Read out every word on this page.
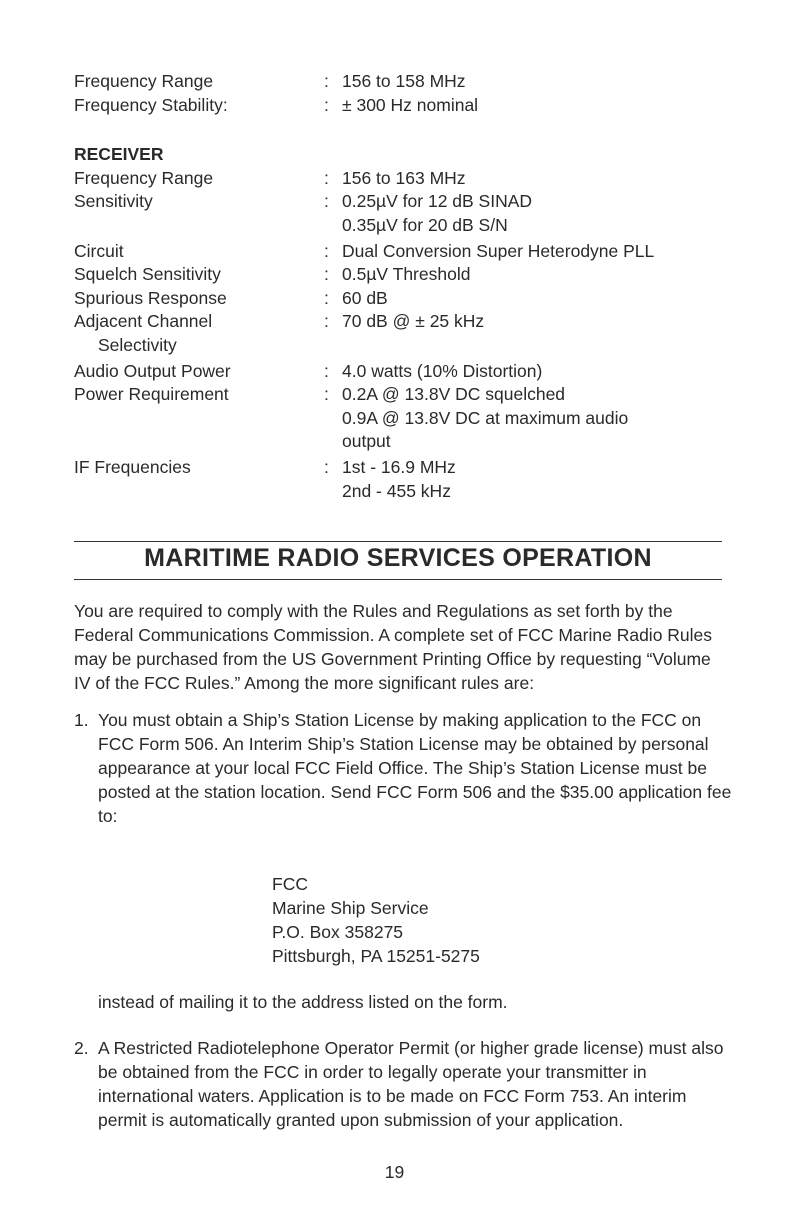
Frequency Range	: 156 to 158 MHz
Frequency Stability:	: ± 300 Hz nominal
RECEIVER
Frequency Range	: 156 to 163 MHz
Sensitivity	: 0.25µV for 12 dB SINAD
0.35µV for 20 dB S/N
Circuit	: Dual Conversion Super Heterodyne PLL
Squelch Sensitivity	: 0.5µV Threshold
Spurious Response	: 60 dB
Adjacent Channel	: 70 dB @ ± 25 kHz
Selectivity
Audio Output Power	: 4.0 watts (10% Distortion)
Power Requirement	: 0.2A @ 13.8V DC squelched
0.9A @ 13.8V DC at maximum audio
output
IF Frequencies	: 1st - 16.9 MHz
2nd - 455 kHz
MARITIME RADIO SERVICES OPERATION
You are required to comply with the Rules and Regulations as set forth by the Federal Communications Commission. A complete set of FCC Marine Radio Rules may be purchased from the US Government Printing Office by requesting “Volume IV of the FCC Rules.” Among the more significant rules are:
1. You must obtain a Ship’s Station License by making application to the FCC on FCC Form 506. An Interim Ship’s Station License may be obtained by personal appearance at your local FCC Field Office. The Ship’s Station License must be posted at the station location. Send FCC Form 506 and the $35.00 application fee to:
FCC
Marine Ship Service
P.O. Box 358275
Pittsburgh, PA 15251-5275
instead of mailing it to the address listed on the form.
2. A Restricted Radiotelephone Operator Permit (or higher grade license) must also be obtained from the FCC in order to legally operate your transmitter in international waters. Application is to be made on FCC Form 753. An interim permit is automatically granted upon submission of your application.
19
